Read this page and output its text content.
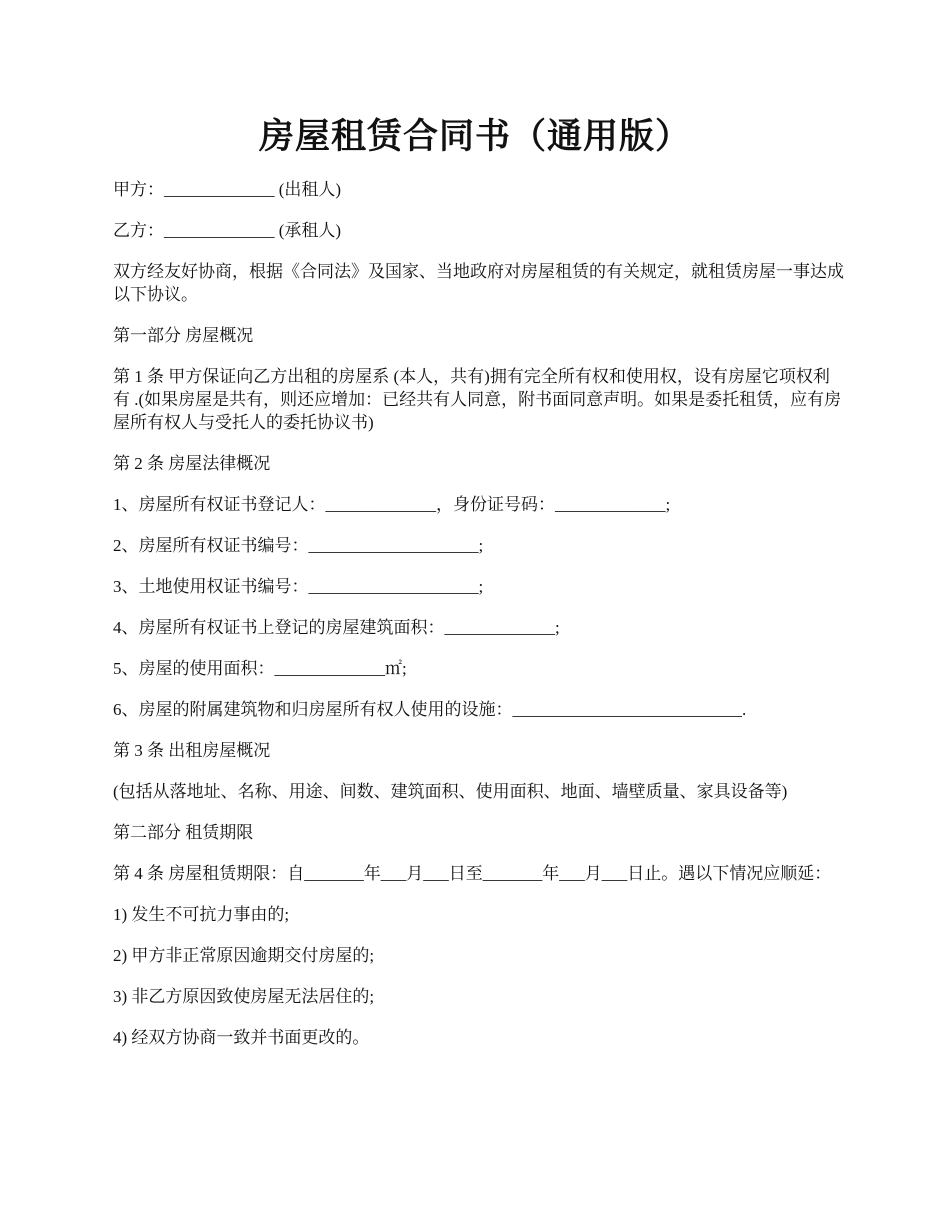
房屋租赁合同书（通用版）

甲方：_____________ (出租人)

乙方：_____________ (承租人)

双方经友好协商，根据《合同法》及国家、当地政府对房屋租赁的有关规定，就租赁房屋一事达成以下协议。

第一部分 房屋概况

第 1 条 甲方保证向乙方出租的房屋系 (本人，共有)拥有完全所有权和使用权，设有房屋它项权利有 .(如果房屋是共有，则还应增加：已经共有人同意，附书面同意声明。如果是委托租赁，应有房屋所有权人与受托人的委托协议书)

第 2 条 房屋法律概况

1、房屋所有权证书登记人：_____________，身份证号码：_____________;

2、房屋所有权证书编号：____________________;

3、土地使用权证书编号：____________________;

4、房屋所有权证书上登记的房屋建筑面积：_____________;

5、房屋的使用面积：_____________㎡;

6、房屋的附属建筑物和归房屋所有权人使用的设施：___________________________.

第 3 条 出租房屋概况

(包括从落地址、名称、用途、间数、建筑面积、使用面积、地面、墙壁质量、家具设备等)

第二部分 租赁期限

第 4 条 房屋租赁期限：自_______年___月___日至_______年___月___日止。遇以下情况应顺延：

1) 发生不可抗力事由的;

2) 甲方非正常原因逾期交付房屋的;

3) 非乙方原因致使房屋无法居住的;

4) 经双方协商一致并书面更改的。
